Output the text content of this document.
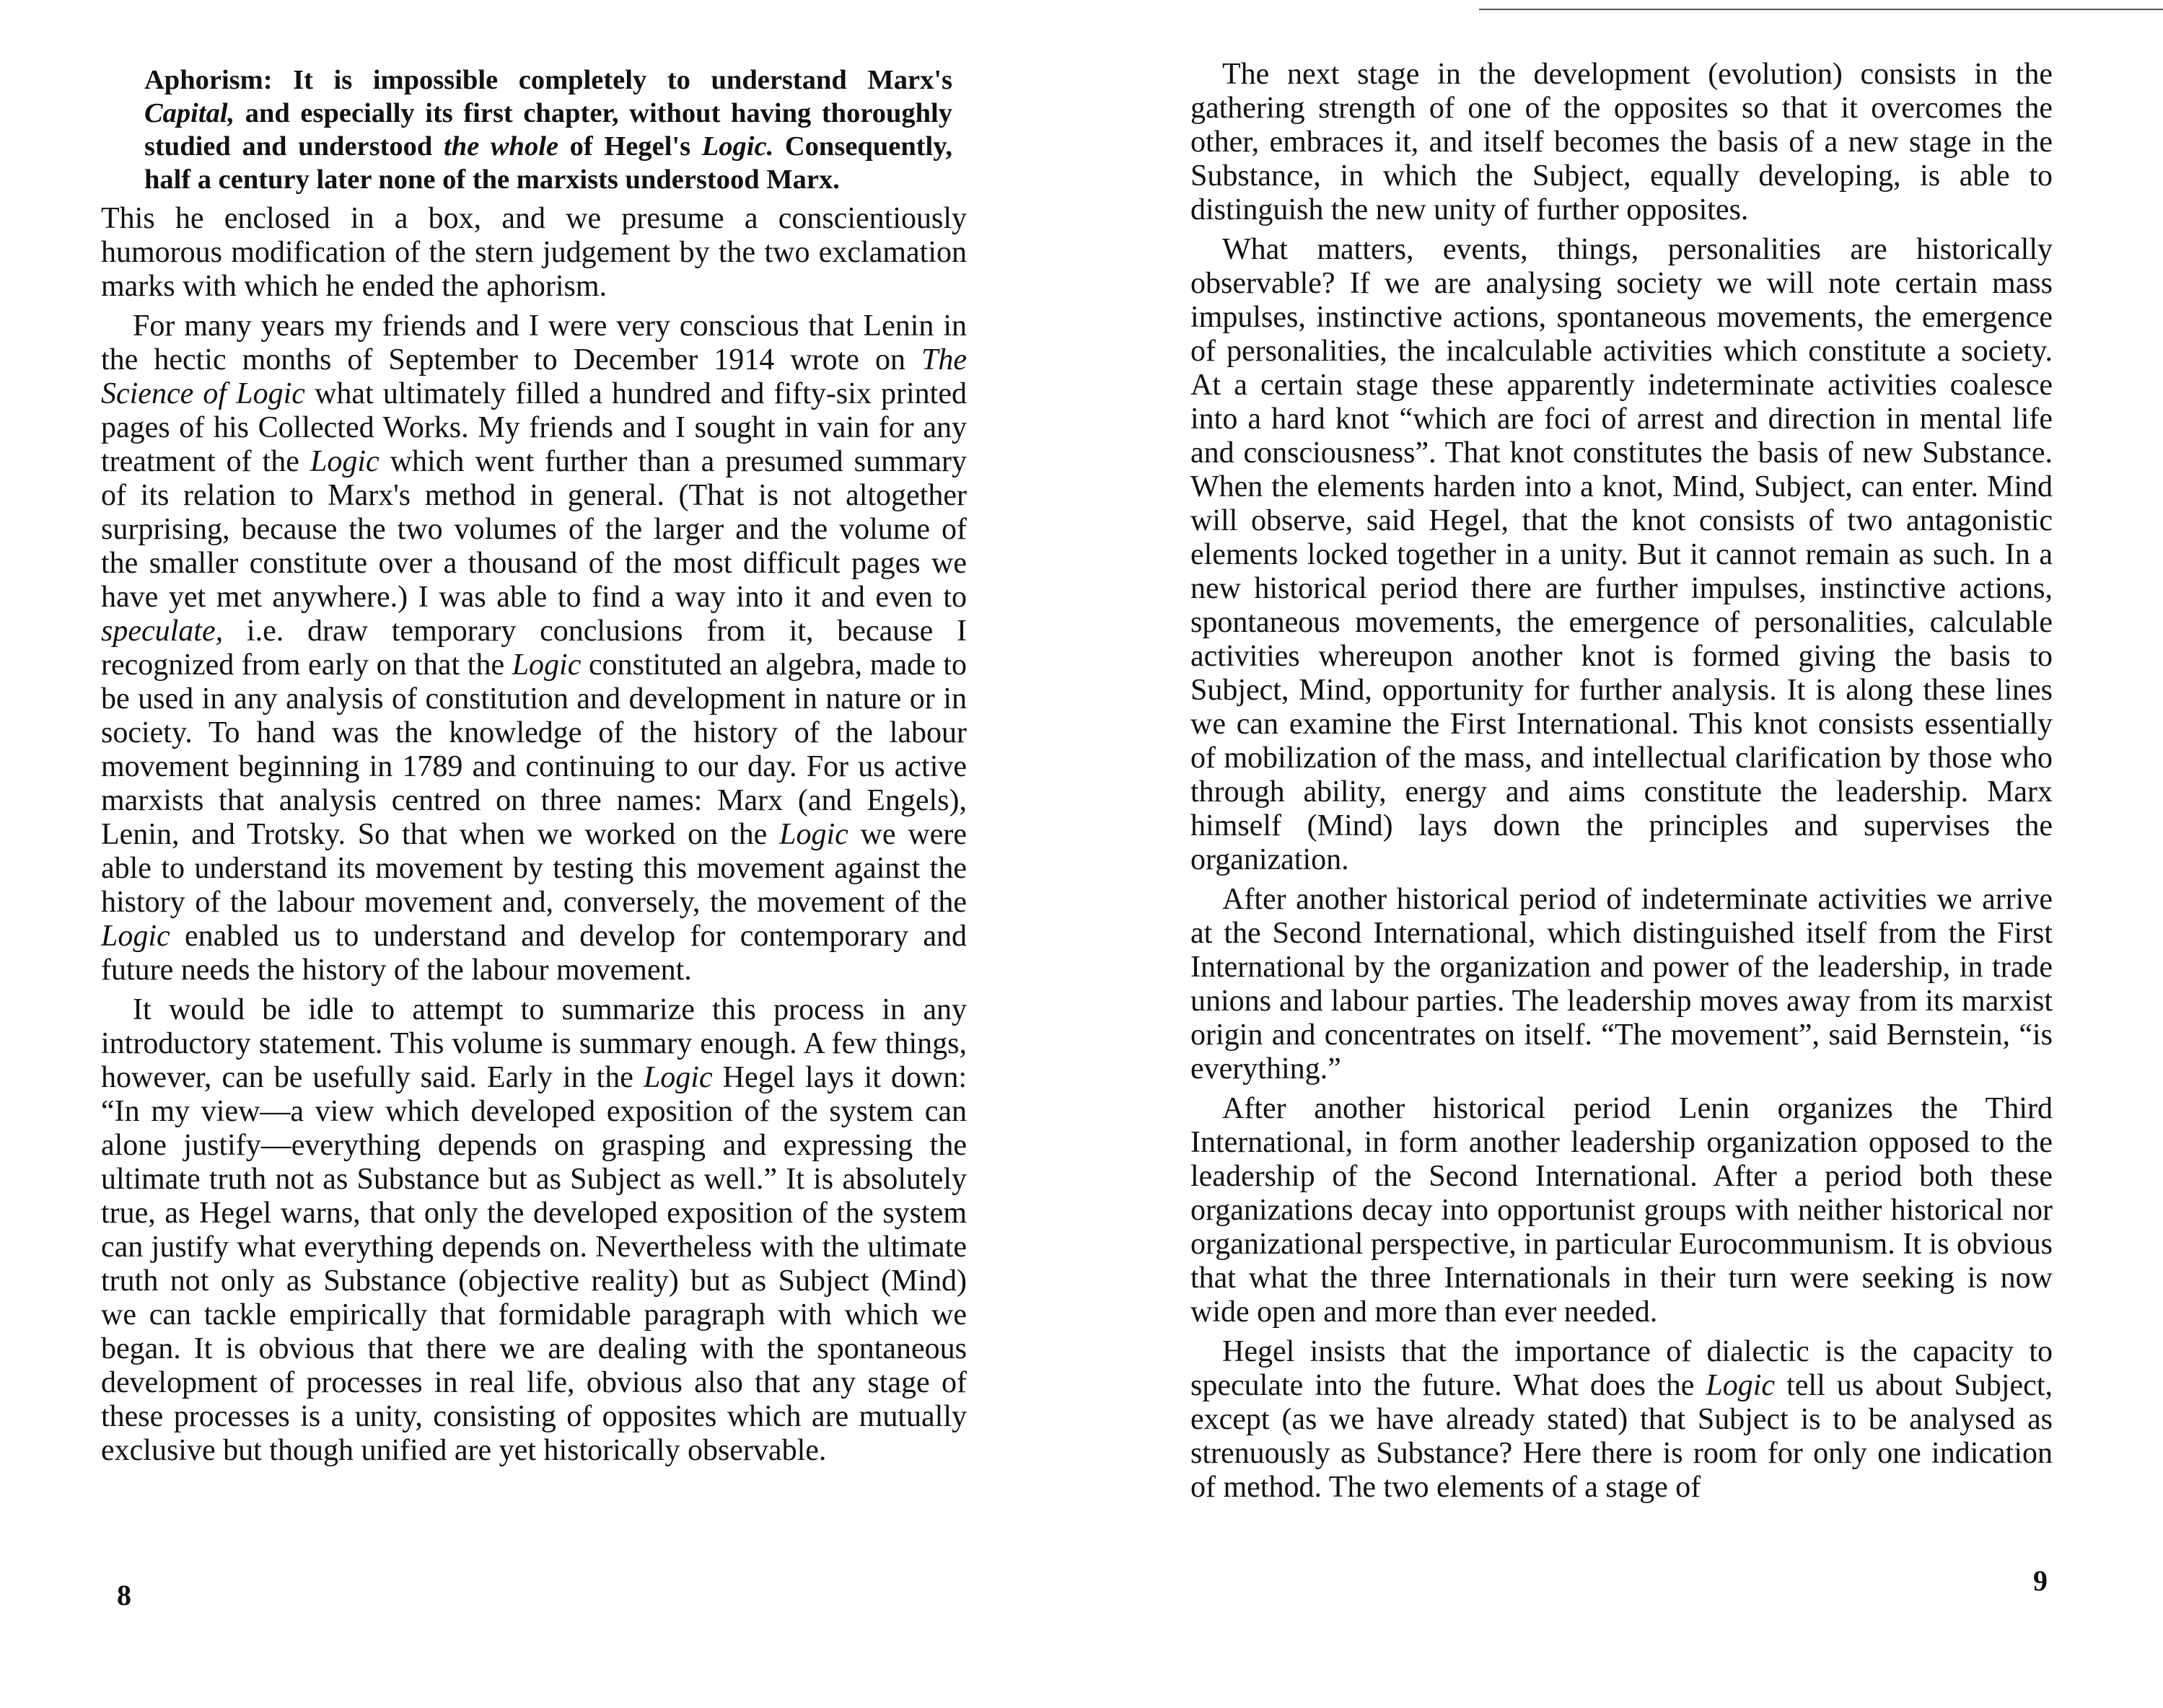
Aphorism: It is impossible completely to understand Marx's Capital, and especially its first chapter, without having thoroughly studied and understood the whole of Hegel's Logic. Consequently, half a century later none of the marxists understood Marx.

This he enclosed in a box, and we presume a conscientiously humorous modification of the stern judgement by the two exclamation marks with which he ended the aphorism.

For many years my friends and I were very conscious that Lenin in the hectic months of September to December 1914 wrote on The Science of Logic what ultimately filled a hundred and fifty-six printed pages of his Collected Works. My friends and I sought in vain for any treatment of the Logic which went further than a presumed summary of its relation to Marx's method in general. (That is not altogether surprising, because the two volumes of the larger and the volume of the smaller constitute over a thousand of the most difficult pages we have yet met anywhere.) I was able to find a way into it and even to speculate, i.e. draw temporary conclusions from it, because I recognized from early on that the Logic constituted an algebra, made to be used in any analysis of constitution and development in nature or in society. To hand was the knowledge of the history of the labour movement beginning in 1789 and continuing to our day. For us active marxists that analysis centred on three names: Marx (and Engels), Lenin, and Trotsky. So that when we worked on the Logic we were able to understand its movement by testing this movement against the history of the labour movement and, conversely, the movement of the Logic enabled us to understand and develop for contemporary and future needs the history of the labour movement.

It would be idle to attempt to summarize this process in any introductory statement. This volume is summary enough. A few things, however, can be usefully said. Early in the Logic Hegel lays it down: “In my view—a view which developed exposition of the system can alone justify—everything depends on grasping and expressing the ultimate truth not as Substance but as Subject as well.” It is absolutely true, as Hegel warns, that only the developed exposition of the system can justify what everything depends on. Nevertheless with the ultimate truth not only as Substance (objective reality) but as Subject (Mind) we can tackle empirically that formidable paragraph with which we began. It is obvious that there we are dealing with the spontaneous development of processes in real life, obvious also that any stage of these processes is a unity, consisting of opposites which are mutually exclusive but though unified are yet historically observable.

8

The next stage in the development (evolution) consists in the gathering strength of one of the opposites so that it overcomes the other, embraces it, and itself becomes the basis of a new stage in the Substance, in which the Subject, equally developing, is able to distinguish the new unity of further opposites.

What matters, events, things, personalities are historically observable? If we are analysing society we will note certain mass impulses, instinctive actions, spontaneous movements, the emergence of personalities, the incalculable activities which constitute a society. At a certain stage these apparently indeterminate activities coalesce into a hard knot “which are foci of arrest and direction in mental life and consciousness”. That knot constitutes the basis of new Substance. When the elements harden into a knot, Mind, Subject, can enter. Mind will observe, said Hegel, that the knot consists of two antagonistic elements locked together in a unity. But it cannot remain as such. In a new historical period there are further impulses, instinctive actions, spontaneous movements, the emergence of personalities, calculable activities whereupon another knot is formed giving the basis to Subject, Mind, opportunity for further analysis. It is along these lines we can examine the First International. This knot consists essentially of mobilization of the mass, and intellectual clarification by those who through ability, energy and aims constitute the leadership. Marx himself (Mind) lays down the principles and supervises the organization.

After another historical period of indeterminate activities we arrive at the Second International, which distinguished itself from the First International by the organization and power of the leadership, in trade unions and labour parties. The leadership moves away from its marxist origin and concentrates on itself. “The movement”, said Bernstein, “is everything.”

After another historical period Lenin organizes the Third International, in form another leadership organization opposed to the leadership of the Second International. After a period both these organizations decay into opportunist groups with neither historical nor organizational perspective, in particular Eurocommunism. It is obvious that what the three Internationals in their turn were seeking is now wide open and more than ever needed.

Hegel insists that the importance of dialectic is the capacity to speculate into the future. What does the Logic tell us about Subject, except (as we have already stated) that Subject is to be analysed as strenuously as Substance? Here there is room for only one indication of method. The two elements of a stage of

9
